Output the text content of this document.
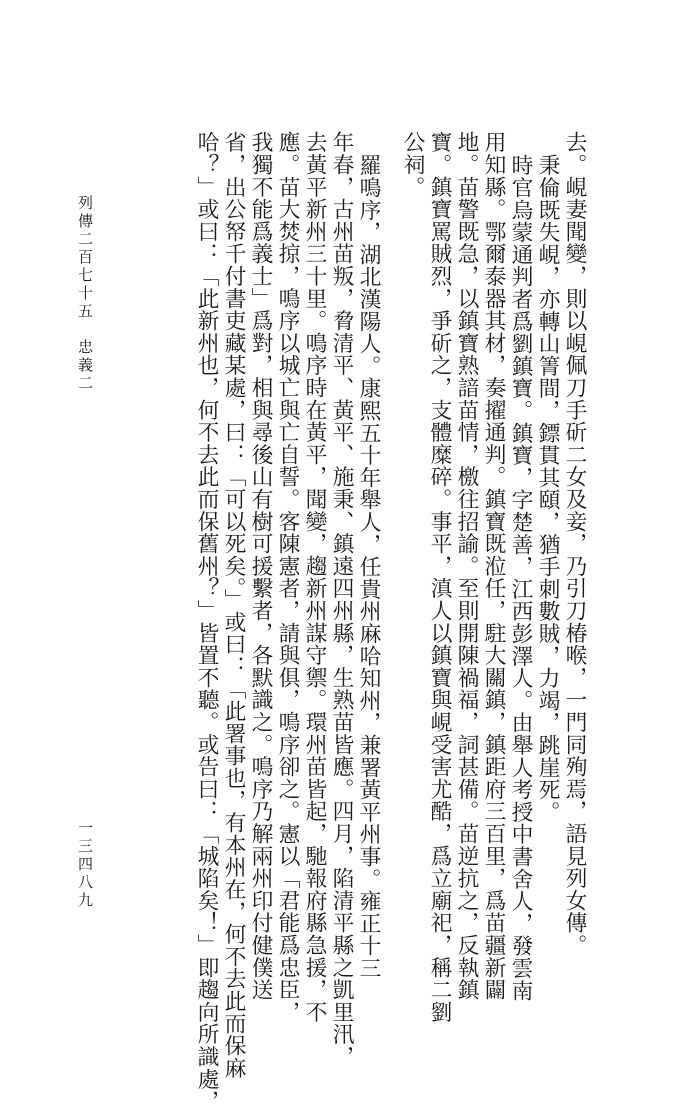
列傳二百七十五　忠義二
一三四八九	去。峴妻聞變，則以峴佩刀手斫二女及妾，乃引刀椿喉，一門同殉焉，語見列女傳。
秉倫既失峴，亦轉山箐間，鏢貫其頤，猶手刺數賊，力竭，跳崖死。
時官烏蒙通判者爲劉鎮寶。鎮寶，字楚善，江西彭澤人。由舉人考授中書舍人，發雲南
用知縣。鄂爾泰器其材，奏擢通判。鎮寶既涖任，駐大關鎮，鎮距府三百里，爲苗疆新闢
地。苗警既急，以鎮寶熟諳苗情，檄往招諭。至則開陳禍福，詞甚備。苗逆抗之，反執鎮
寶。鎮寶罵賊烈，爭斫之，支體糜碎。事平，滇人以鎮寶與峴受害尤酷，爲立廟祀，稱二劉
公祠。
羅鳴序，湖北漢陽人。康熙五十年舉人，任貴州麻哈知州，兼署黃平州事。雍正十三
年春，古州苗叛，脅清平、黃平、施秉、鎮遠四州縣，生熟苗皆應。四月，陷清平縣之凱里汛，
去黃平新州三十里。鳴序時在黃平，聞變，趨新州謀守禦。環州苗皆起，馳報府縣急援，不
應。苗大焚掠，鳴序以城亡與亡自誓。客陳憲者，請與俱，鳴序卻之。憲以「君能爲忠臣，
我獨不能爲義士」爲對，相與尋後山有樹可援繫者，各默識之。鳴序乃解兩州印付健僕送
省，出公帑千付書吏藏某處，曰：「可以死矣。」或曰：「此署事也，有本州在，何不去此而保麻
哈？」或曰：「此新州也，何不去此而保舊州？」皆置不聽。或告曰：「城陷矣！」即趨向所識處，
